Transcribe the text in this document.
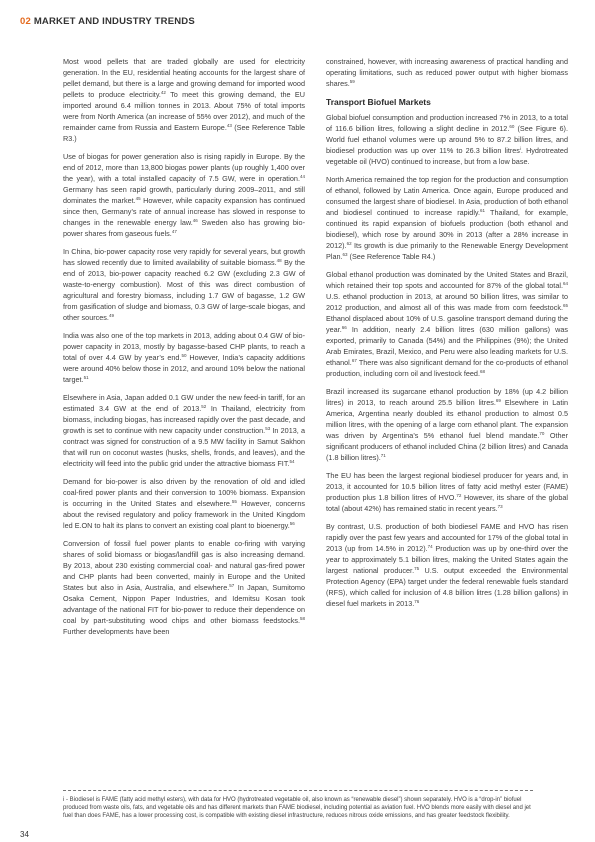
02 MARKET AND INDUSTRY TRENDS

Most wood pellets that are traded globally are used for electricity generation. In the EU, residential heating accounts for the largest share of pellet demand, but there is a large and growing demand for imported wood pellets to produce electricity.$^{42}$ To meet this growing demand, the EU imported around 6.4 million tonnes in 2013. About 75% of total imports were from North America (an increase of 55% over 2012), and much of the remainder came from Russia and Eastern Europe.$^{43}$ (See Reference Table R3.)

Use of biogas for power generation also is rising rapidly in Europe. By the end of 2012, more than 13,800 biogas power plants (up roughly 1,400 over the year), with a total installed capacity of 7.5 GW, were in operation.$^{44}$ Germany has seen rapid growth, particularly during 2009–2011, and still dominates the market.$^{45}$ However, while capacity expansion has continued since then, Germany’s rate of annual increase has slowed in response to changes in the renewable energy law.$^{46}$ Sweden also has growing bio-power shares from gaseous fuels.$^{47}$

In China, bio-power capacity rose very rapidly for several years, but growth has slowed recently due to limited availability of suitable biomass.$^{48}$ By the end of 2013, bio-power capacity reached 6.2 GW (excluding 2.3 GW of waste-to-energy combustion). Most of this was direct combustion of agricultural and forestry biomass, including 1.7 GW of bagasse, 1.2 GW from gasification of sludge and biomass, 0.3 GW of large-scale biogas, and other sources.$^{49}$

India was also one of the top markets in 2013, adding about 0.4 GW of bio-power capacity in 2013, mostly by bagasse-based CHP plants, to reach a total of over 4.4 GW by year’s end.$^{50}$ However, India’s capacity additions were around 40% below those in 2012, and around 10% below the national target.$^{51}$

Elsewhere in Asia, Japan added 0.1 GW under the new feed-in tariff, for an estimated 3.4 GW at the end of 2013.52 In Thailand, electricity from biomass, including biogas, has increased rapidly over the past decade, and growth is set to continue with new capacity under construction.$^{53}$ In 2013, a contract was signed for construction of a 9.5 MW facility in Samut Sakhon that will run on coconut wastes (husks, shells, fronds, and leaves), and the electricity will feed into the public grid under the attractive biomass FIT.$^{54}$

Demand for bio-power is also driven by the renovation of old and idled coal-fired power plants and their conversion to 100% biomass. Expansion is occurring in the United States and elsewhere.$^{55}$ However, concerns about the revised regulatory and policy framework in the United Kingdom led E.ON to halt its plans to convert an existing coal plant to bioenergy.$^{56}$

Conversion of fossil fuel power plants to enable co-firing with varying shares of solid biomass or biogas/landfill gas is also increasing demand. By 2013, about 230 existing commercial coal- and natural gas-fired power and CHP plants had been converted, mainly in Europe and the United States but also in Asia, Australia, and elsewhere.$^{57}$ In Japan, Sumitomo Osaka Cement, Nippon Paper Industries, and Idemitsu Kosan took advantage of the national FIT for bio-power to reduce their dependence on coal by part-substituting wood chips and other biomass feedstocks.$^{58}$ Further developments have been

constrained, however, with increasing awareness of practical handling and operating limitations, such as reduced power output with higher biomass shares.$^{59}$

Transport Biofuel Markets

Global biofuel consumption and production increased 7% in 2013, to a total of 116.6 billion litres, following a slight decline in 2012.60 (See Figure 6). World fuel ethanol volumes were up around 5% to 87.2 billion litres, and biodiesel production was up over 11% to 26.3 billion litres$^i$. Hydrotreated vegetable oil (HVO) continued to increase, but from a low base.

North America remained the top region for the production and consumption of ethanol, followed by Latin America. Once again, Europe produced and consumed the largest share of biodiesel. In Asia, production of both ethanol and biodiesel continued to increase rapidly.$^{61}$ Thailand, for example, continued its rapid expansion of biofuels production (both ethanol and biodiesel), which rose by around 30% in 2013 (after a 28% increase in 2012).$^{62}$ Its growth is due primarily to the Renewable Energy Development Plan.$^{63}$ (See Reference Table R4.)

Global ethanol production was dominated by the United States and Brazil, which retained their top spots and accounted for 87% of the global total.$^{64}$ U.S. ethanol production in 2013, at around 50 billion litres, was similar to 2012 production, and almost all of this was made from corn feedstock.$^{65}$ Ethanol displaced about 10% of U.S. gasoline transport demand during the year.$^{66}$ In addition, nearly 2.4 billion litres (630 million gallons) was exported, primarily to Canada (54%) and the Philippines (9%); the United Arab Emirates, Brazil, Mexico, and Peru were also leading markets for U.S. ethanol.$^{67}$ There was also significant demand for the co-products of ethanol production, including corn oil and livestock feed.$^{68}$

Brazil increased its sugarcane ethanol production by 18% (up 4.2 billion litres) in 2013, to reach around 25.5 billion litres.$^{69}$ Elsewhere in Latin America, Argentina nearly doubled its ethanol production to almost 0.5 million litres, with the opening of a large corn ethanol plant. The expansion was driven by Argentina’s 5% ethanol fuel blend mandate.$^{70}$ Other significant producers of ethanol included China (2 billion litres) and Canada (1.8 billion litres).$^{71}$

The EU has been the largest regional biodiesel producer for years and, in 2013, it accounted for 10.5 billion litres of fatty acid methyl ester (FAME) production plus 1.8 billion litres of HVO.$^{72}$ However, its share of the global total (about 42%) has remained static in recent years.$^{73}$

By contrast, U.S. production of both biodiesel FAME and HVO has risen rapidly over the past few years and accounted for 17% of the global total in 2013 (up from 14.5% in 2012).$^{74}$ Production was up by one-third over the year to approximately 5.1 billion litres, making the United States again the largest national producer.$^{75}$ U.S. output exceeded the Environmental Protection Agency (EPA) target under the federal renewable fuels standard (RFS), which called for inclusion of 4.8 billion litres (1.28 billion gallons) in diesel fuel markets in 2013.76

i - Biodiesel is FAME (fatty acid methyl esters), with data for HVO (hydrotreated vegetable oil, also known as “renewable diesel”) shown separately. HVO is a “drop-in” biofuel produced from waste oils, fats, and vegetable oils and has different markets than FAME biodiesel, including potential as aviation fuel. HVO blends more easily with diesel and jet fuel than does FAME, has a lower processing cost, is compatible with existing diesel infrastructure, reduces nitrous oxide emissions, and has greater feedstock flexibility.
34
